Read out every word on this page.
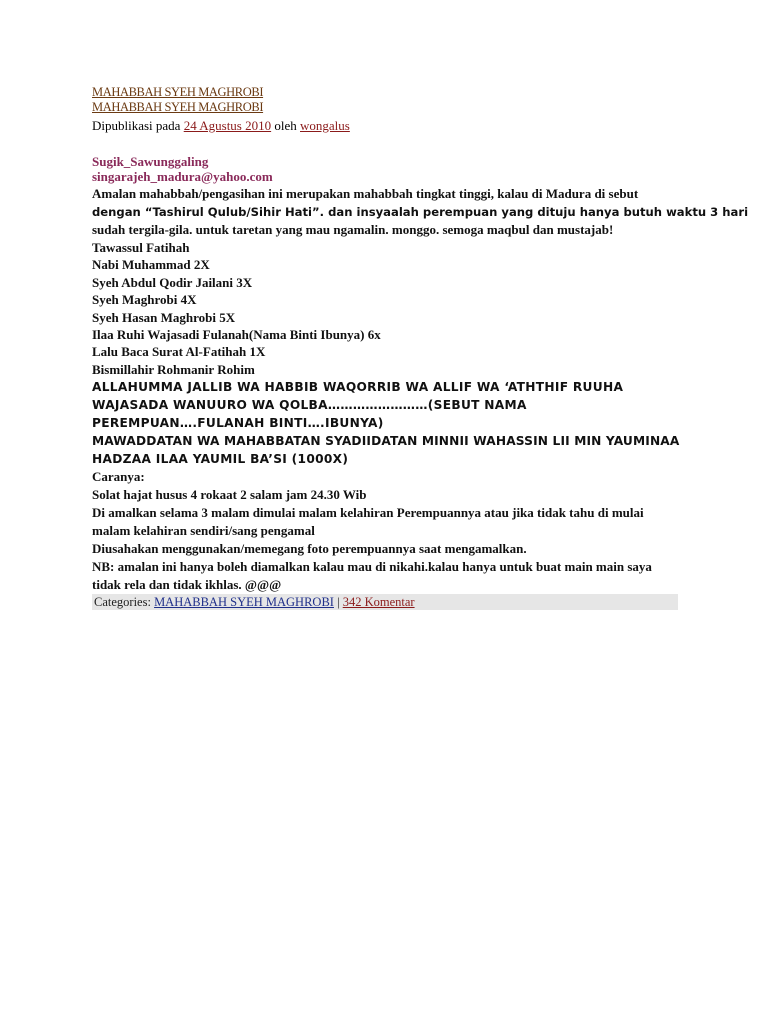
MAHABBAH SYEH MAGHROBI
MAHABBAH SYEH MAGHROBI
Dipublikasi pada 24 Agustus 2010 oleh wongalus
Sugik_Sawunggaling
singarajeh_madura@yahoo.com

Amalan mahabbah/pengasihan ini merupakan mahabbah tingkat tinggi, kalau di Madura di sebut
dengan “Tashirul Qulub/Sihir Hati”. dan insyaalah perempuan yang dituju hanya butuh waktu 3 hari
sudah tergila-gila. untuk taretan yang mau ngamalin. monggo. semoga maqbul dan mustajab!

Tawassul Fatihah
Nabi Muhammad 2X
Syeh Abdul Qodir Jailani 3X
Syeh Maghrobi 4X
Syeh Hasan Maghrobi 5X
Ilaa Ruhi Wajasadi Fulanah(Nama Binti Ibunya) 6x
Lalu Baca Surat Al-Fatihah 1X
Bismillahir Rohmanir Rohim
ALLAHUMMA JALLIB WA HABBIB WAQORRIB WA ALLIF WA ‘ATHTHIF RUUHA
WAJASADA WANUURO WA QOLBA……………………(SEBUT NAMA
PEREMPUAN….FULANAH BINTI….IBUNYA)

MAWADDATAN WA MAHABBATAN SYADIIDATAN MINNII WAHASSIN LII MIN YAUMINAA
HADZAA ILAA YAUMIL BA’SI (1000X)

Caranya:
Solat hajat husus 4 rokaat 2 salam jam 24.30 Wib
Di amalkan selama 3 malam dimulai malam kelahiran Perempuannya atau jika tidak tahu di mulai
malam kelahiran sendiri/sang pengamal
Diusahakan menggunakan/memegang foto perempuannya saat mengamalkan.
NB: amalan ini hanya boleh diamalkan kalau mau di nikahi.kalau hanya untuk buat main main saya
tidak rela dan tidak ikhlas. @@@

Categories: MAHABBAH SYEH MAGHROBI | 342 Komentar
